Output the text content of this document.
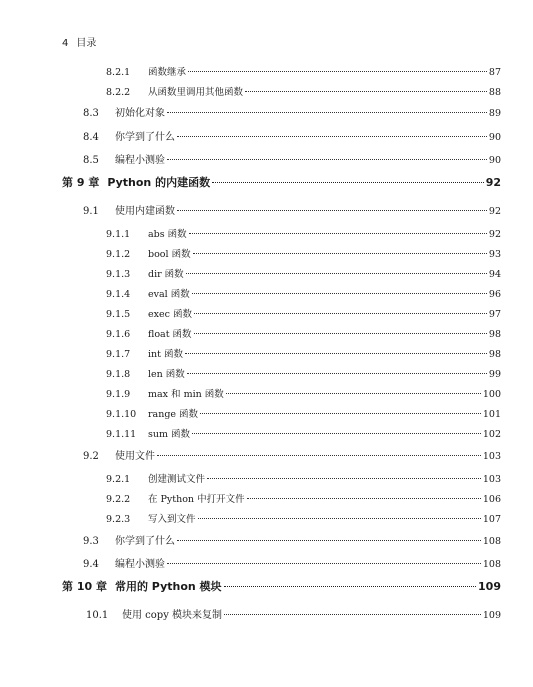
4 目录
8.2.1 函数继承	87
8.2.2 从函数里调用其他函数	88
8.3 初始化对象	89
8.4 你学到了什么	90
8.5 编程小测验	90
第 9 章 Python 的内建函数	92
9.1 使用内建函数	92
9.1.1 abs 函数	92
9.1.2 bool 函数	93
9.1.3 dir 函数	94
9.1.4 eval 函数	96
9.1.5 exec 函数	97
9.1.6 float 函数	98
9.1.7 int 函数	98
9.1.8 len 函数	99
9.1.9 max 和 min 函数	100
9.1.10 range 函数	101
9.1.11 sum 函数	102
9.2 使用文件	103
9.2.1 创建测试文件	103
9.2.2 在 Python 中打开文件	106
9.2.3 写入到文件	107
9.3 你学到了什么	108
9.4 编程小测验	108
第 10 章 常用的 Python 模块	109
10.1 使用 copy 模块来复制	109
